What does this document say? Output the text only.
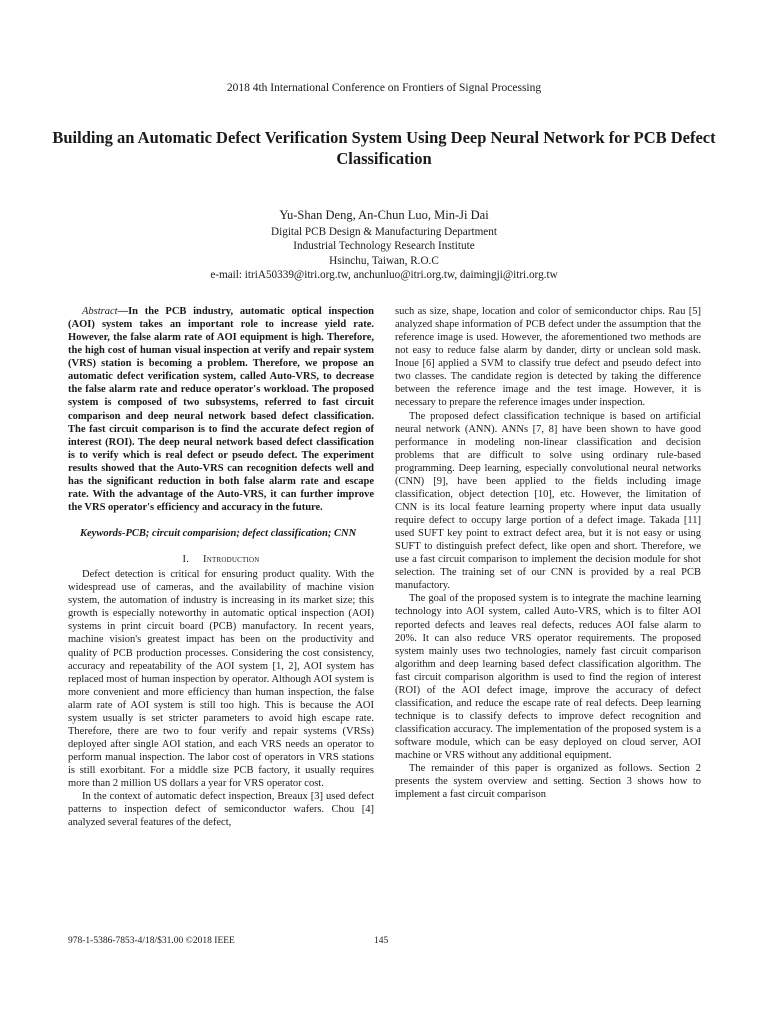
2018 4th International Conference on Frontiers of Signal Processing
Building an Automatic Defect Verification System Using Deep Neural Network for PCB Defect Classification
Yu-Shan Deng, An-Chun Luo, Min-Ji Dai
Digital PCB Design & Manufacturing Department
Industrial Technology Research Institute
Hsinchu, Taiwan, R.O.C
e-mail: itriA50339@itri.org.tw, anchunluo@itri.org.tw, daimingji@itri.org.tw

Abstract—In the PCB industry, automatic optical inspection (AOI) system takes an important role to increase yield rate. However, the false alarm rate of AOI equipment is high. Therefore, the high cost of human visual inspection at verify and repair system (VRS) station is becoming a problem. Therefore, we propose an automatic defect verification system, called Auto-VRS, to decrease the false alarm rate and reduce operator's workload. The proposed system is composed of two subsystems, referred to fast circuit comparison and deep neural network based defect classification. The fast circuit comparison is to find the accurate defect region of interest (ROI). The deep neural network based defect classification is to verify which is real defect or pseudo defect. The experiment results showed that the Auto-VRS can recognition defects well and has the significant reduction in both false alarm rate and escape rate. With the advantage of the Auto-VRS, it can further improve the VRS operator's efficiency and accuracy in the future.

Keywords-PCB; circuit comparision; defect classification; CNN

I. Introduction

Defect detection is critical for ensuring product quality. With the widespread use of cameras, and the availability of machine vision system, the automation of industry is increasing in its market size; this growth is especially noteworthy in automatic optical inspection (AOI) systems in print circuit board (PCB) manufactory. In recent years, machine vision's greatest impact has been on the productivity and quality of PCB production processes. Considering the cost consistency, accuracy and repeatability of the AOI system [1, 2], AOI system has replaced most of human inspection by operator. Although AOI system is more convenient and more efficiency than human inspection, the false alarm rate of AOI system is still too high. This is because the AOI system usually is set stricter parameters to avoid high escape rate. Therefore, there are two to four verify and repair systems (VRSs) deployed after single AOI station, and each VRS needs an operator to perform manual inspection. The labor cost of operators in VRS stations is still exorbitant. For a middle size PCB factory, it usually requires more than 2 million US dollars a year for VRS operator cost.

In the context of automatic defect inspection, Breaux [3] used defect patterns to inspection defect of semiconductor wafers. Chou [4] analyzed several features of the defect,

such as size, shape, location and color of semiconductor chips. Rau [5] analyzed shape information of PCB defect under the assumption that the reference image is used. However, the aforementioned two methods are not easy to reduce false alarm by dander, dirty or unclean sold mask. Inoue [6] applied a SVM to classify true defect and pseudo defect into two classes. The candidate region is detected by taking the difference between the reference image and the test image. However, it is necessary to prepare the reference images under inspection.

The proposed defect classification technique is based on artificial neural network (ANN). ANNs [7, 8] have been shown to have good performance in modeling non-linear classification and decision problems that are difficult to solve using ordinary rule-based programming. Deep learning, especially convolutional neural networks (CNN) [9], have been applied to the fields including image classification, object detection [10], etc. However, the limitation of CNN is its local feature learning property where input data usually require defect to occupy large portion of a defect image. Takada [11] used SUFT key point to extract defect area, but it is not easy or using SUFT to distinguish prefect defect, like open and short. Therefore, we use a fast circuit comparison to implement the decision module for shot selection. The training set of our CNN is provided by a real PCB manufactory.

The goal of the proposed system is to integrate the machine learning technology into AOI system, called Auto-VRS, which is to filter AOI reported defects and leaves real defects, reduces AOI false alarm to 20%. It can also reduce VRS operator requirements. The proposed system mainly uses two technologies, namely fast circuit comparison algorithm and deep learning based defect classification algorithm. The fast circuit comparison algorithm is used to find the region of interest (ROI) of the AOI defect image, improve the accuracy of defect classification, and reduce the escape rate of real defects. Deep learning technique is to classify defects to improve defect recognition and classification accuracy. The implementation of the proposed system is a software module, which can be easy deployed on cloud server, AOI machine or VRS without any additional equipment.

The remainder of this paper is organized as follows. Section 2 presents the system overview and setting. Section 3 shows how to implement a fast circuit comparison

978-1-5386-7853-4/18/$31.00 ©2018 IEEE	145
